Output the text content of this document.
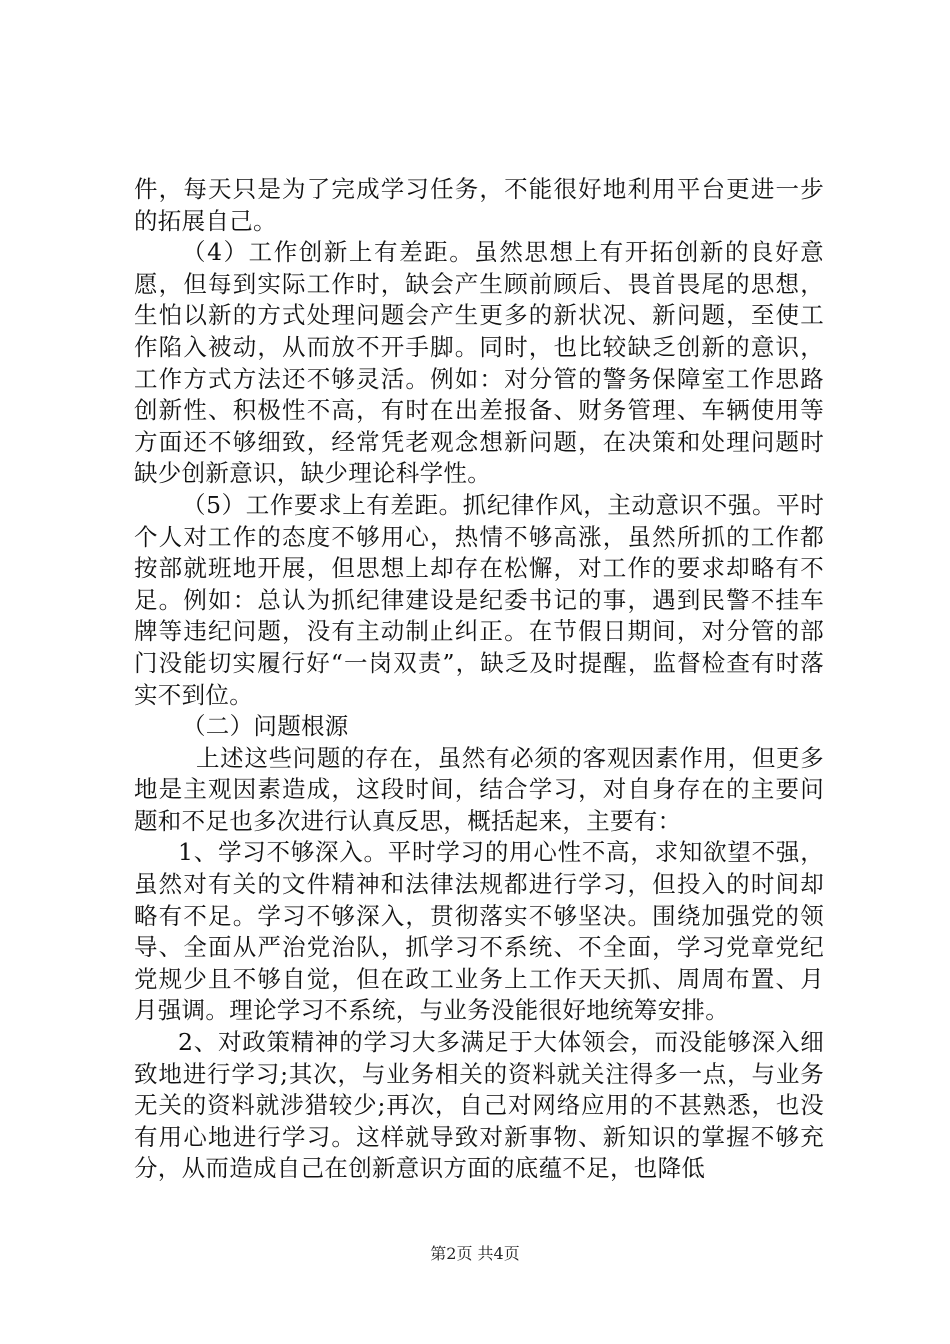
件，每天只是为了完成学习任务，不能很好地利用平台更进一步的拓展自己。

（4）工作创新上有差距。虽然思想上有开拓创新的良好意愿，但每到实际工作时，缺会产生顾前顾后、畏首畏尾的思想，生怕以新的方式处理问题会产生更多的新状况、新问题，至使工作陷入被动，从而放不开手脚。同时，也比较缺乏创新的意识，工作方式方法还不够灵活。例如：对分管的警务保障室工作思路创新性、积极性不高，有时在出差报备、财务管理、车辆使用等方面还不够细致，经常凭老观念想新问题，在决策和处理问题时缺少创新意识，缺少理论科学性。

（5）工作要求上有差距。抓纪律作风，主动意识不强。平时个人对工作的态度不够用心，热情不够高涨，虽然所抓的工作都按部就班地开展，但思想上却存在松懈，对工作的要求却略有不足。例如：总认为抓纪律建设是纪委书记的事，遇到民警不挂车牌等违纪问题，没有主动制止纠正。在节假日期间，对分管的部门没能切实履行好“一岗双责”，缺乏及时提醒，监督检查有时落实不到位。

（二）问题根源

上述这些问题的存在，虽然有必须的客观因素作用，但更多地是主观因素造成，这段时间，结合学习，对自身存在的主要问题和不足也多次进行认真反思，概括起来，主要有：

1、学习不够深入。平时学习的用心性不高，求知欲望不强，虽然对有关的文件精神和法律法规都进行学习，但投入的时间却略有不足。学习不够深入，贯彻落实不够坚决。围绕加强党的领导、全面从严治党治队，抓学习不系统、不全面，学习党章党纪党规少且不够自觉，但在政工业务上工作天天抓、周周布置、月月强调。理论学习不系统，与业务没能很好地统筹安排。

2、对政策精神的学习大多满足于大体领会，而没能够深入细致地进行学习;其次，与业务相关的资料就关注得多一点，与业务无关的资料就涉猎较少;再次，自己对网络应用的不甚熟悉，也没有用心地进行学习。这样就导致对新事物、新知识的掌握不够充分，从而造成自己在创新意识方面的底蕴不足，也降低

第2页 共4页
